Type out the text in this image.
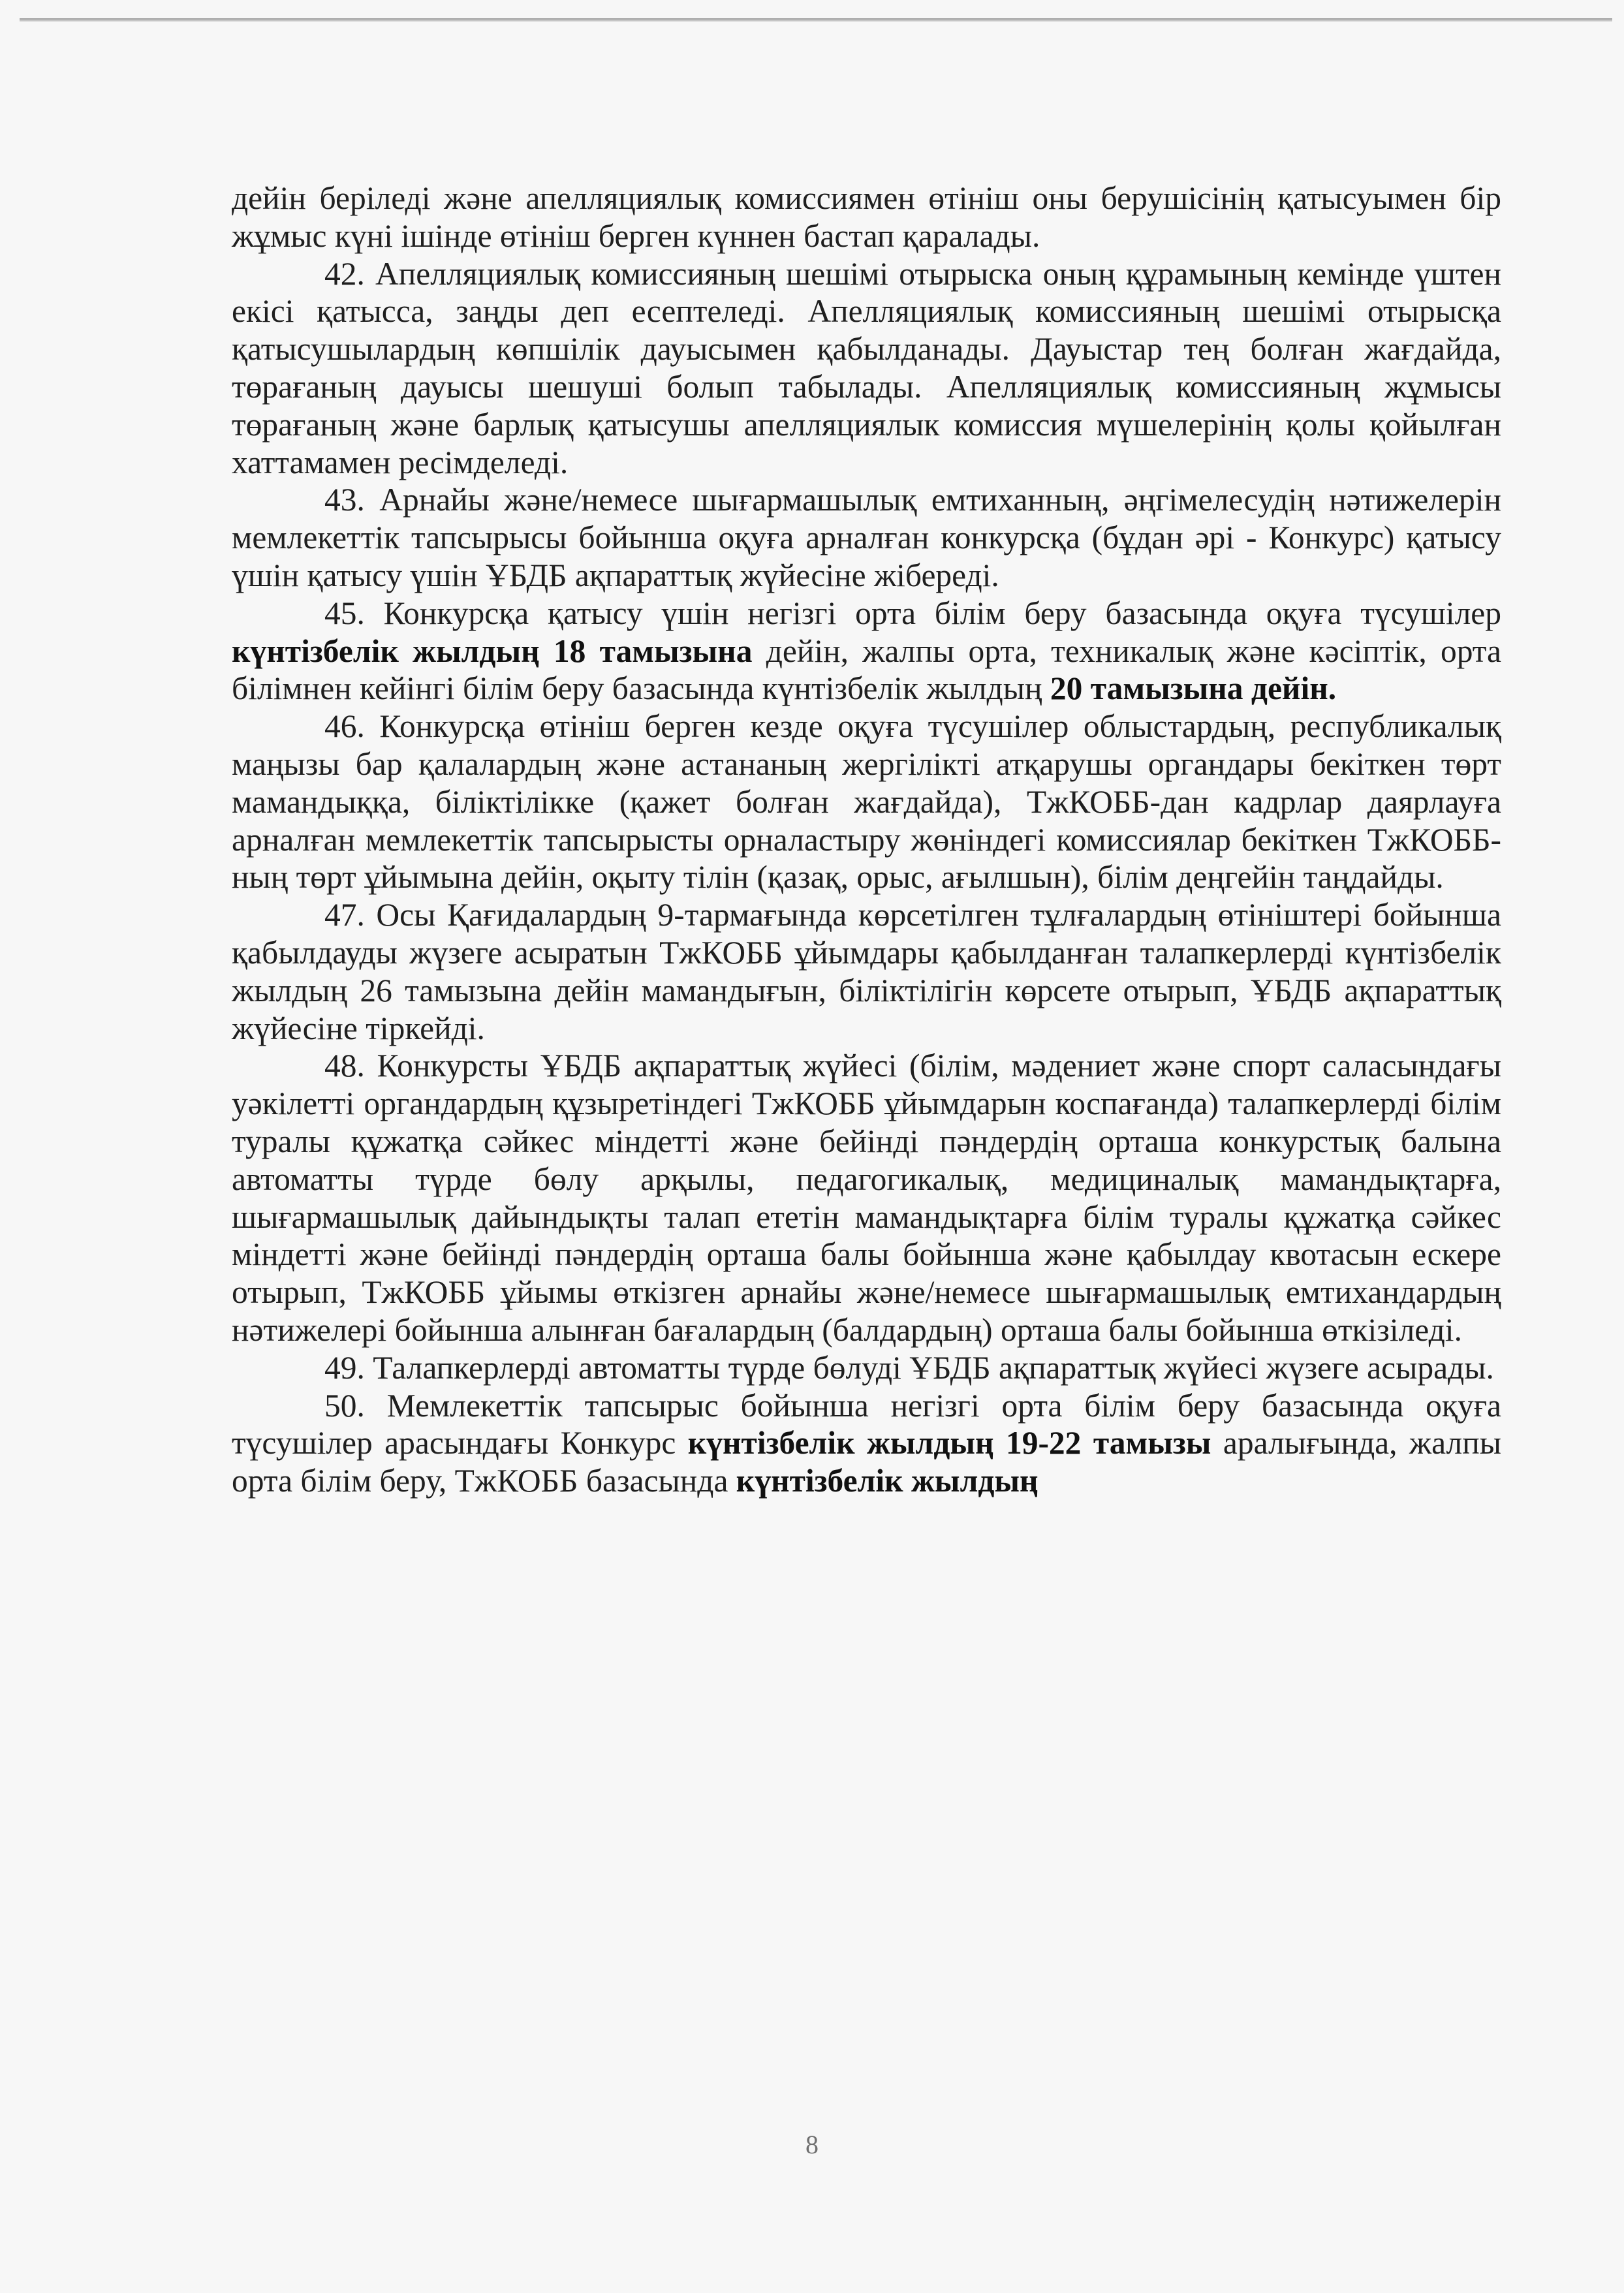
дейін беріледі және апелляциялық комиссиямен өтініш оны берушісінің қатысуымен бір жұмыс күні ішінде өтініш берген күннен бастап қаралады.

42. Апелляциялық комиссияның шешімі отырыска оның құрамының кемінде үштен екісі қатысса, заңды деп есептеледі. Апелляциялық комиссияның шешімі отырысқа қатысушылардың көпшілік дауысымен қабылданады. Дауыстар тең болған жағдайда, төрағаның дауысы шешуші болып табылады. Апелляциялық комиссияның жұмысы төрағаның және барлық қатысушы апелляциялык комиссия мүшелерінің қолы қойылған хаттамамен ресімделеді.

43. Арнайы және/немесе шығармашылық емтиханның, әңгімелесудің нәтижелерін мемлекеттік тапсырысы бойынша оқуға арналған конкурсқа (бұдан әрі - Конкурс) қатысу үшін қатысу үшін ҰБДБ ақпараттық жүйесіне жібереді.

45. Конкурсқа қатысу үшін негізгі орта білім беру базасында оқуға түсушілер күнтізбелік жылдың 18 тамызына дейін, жалпы орта, техникалық және кәсіптік, орта білімнен кейінгі білім беру базасында күнтізбелік жылдың 20 тамызына дейін.

46. Конкурсқа өтініш берген кезде оқуға түсушілер облыстардың, республикалық маңызы бар қалалардың және астананың жергілікті атқарушы органдары бекіткен төрт мамандыққа, біліктілікке (қажет болған жағдайда), ТжКОББ-дан кадрлар даярлауға арналған мемлекеттік тапсырысты орналастыру жөніндегі комиссиялар бекіткен ТжКОББ-ның төрт ұйымына дейін, оқыту тілін (қазақ, орыс, ағылшын), білім деңгейін таңдайды.

47. Осы Қағидалардың 9-тармағында көрсетілген тұлғалардың өтініштері бойынша қабылдауды жүзеге асыратын ТжКОББ ұйымдары қабылданған талапкерлерді күнтізбелік жылдың 26 тамызына дейін мамандығын, біліктілігін көрсете отырып, ҰБДБ ақпараттық жүйесіне тіркейді.

48. Конкурсты ҰБДБ ақпараттық жүйесі (білім, мәдениет және спорт саласындағы уәкілетті органдардың құзыретіндегі ТжКОББ ұйымдарын коспағанда) талапкерлерді білім туралы құжатқа сәйкес міндетті және бейінді пәндердің орташа конкурстық балына автоматты түрде бөлу арқылы, педагогикалық, медициналық мамандықтарға, шығармашылық дайындықты талап ететін мамандықтарға білім туралы құжатқа сәйкес міндетті және бейінді пәндердің орташа балы бойынша және қабылдау квотасын ескере отырып, ТжКОББ ұйымы өткізген арнайы және/немесе шығармашылық емтихандардың нәтижелері бойынша алынған бағалардың (балдардың) орташа балы бойынша өткізіледі.

49. Талапкерлерді автоматты түрде бөлуді ҰБДБ ақпараттық жүйесі жүзеге асырады.

50. Мемлекеттік тапсырыс бойынша негізгі орта білім беру базасында оқуға түсушілер арасындағы Конкурс күнтізбелік жылдың 19-22 тамызы аралығында, жалпы орта білім беру, ТжКОББ базасында күнтізбелік жылдың

8
